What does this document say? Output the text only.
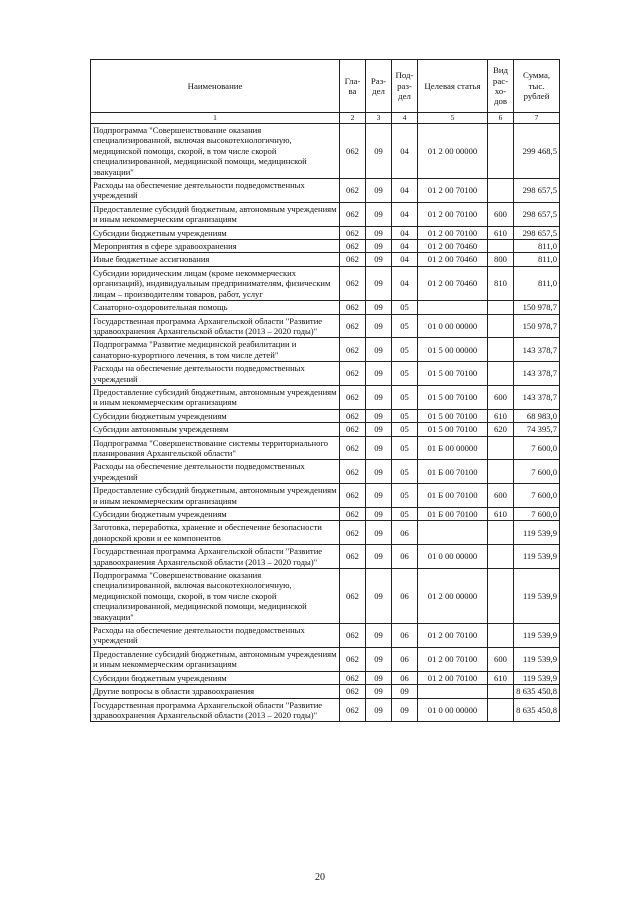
Наименование	Гла-ва	Раз-дел	Под-раз-дел	Целевая статья	Вид рас-хо-дов	Сумма, тыс. рублей
1	2	3	4	5	6	7
Подпрограмма "Совершенствование оказания специализированной, включая высокотехнологичную, медицинской помощи, скорой, в том числе скорой специализированной, медицинской помощи, медицинской эвакуации"	062	09	04	01 2 00 00000		299 468,5
Расходы на обеспечение деятельности подведомственных учреждений	062	09	04	01 2 00 70100		298 657,5
Предоставление субсидий бюджетным, автономным учреждениям и иным некоммерческим организациям	062	09	04	01 2 00 70100	600	298 657,5
Субсидии бюджетным учреждениям	062	09	04	01 2 00 70100	610	298 657,5
Мероприятия в сфере здравоохранения	062	09	04	01 2 00 70460		811,0
Иные бюджетные ассигнования	062	09	04	01 2 00 70460	800	811,0
Субсидии юридическим лицам (кроме некоммерческих организаций), индивидуальным предпринимателям, физическим лицам – производителям товаров, работ, услуг	062	09	04	01 2 00 70460	810	811,0
Санаторно-оздоровительная помощь	062	09	05			150 978,7
Государственная программа Архангельской области "Развитие здравоохранения Архангельской области (2013 – 2020 годы)"	062	09	05	01 0 00 00000		150 978,7
Подпрограмма "Развитие медицинской реабилитации и санаторно-курортного лечения, в том числе детей"	062	09	05	01 5 00 00000		143 378,7
Расходы на обеспечение деятельности подведомственных учреждений	062	09	05	01 5 00 70100		143 378,7
Предоставление субсидий бюджетным, автономным учреждениям и иным некоммерческим организациям	062	09	05	01 5 00 70100	600	143 378,7
Субсидии бюджетным учреждениям	062	09	05	01 5 00 70100	610	68 983,0
Субсидии автономным учреждениям	062	09	05	01 5 00 70100	620	74 395,7
Подпрограмма "Совершенствование системы территориального планирования Архангельской области"	062	09	05	01 Б 00 00000		7 600,0
Расходы на обеспечение деятельности подведомственных учреждений	062	09	05	01 Б 00 70100		7 600,0
Предоставление субсидий бюджетным, автономным учреждениям и иным некоммерческим организациям	062	09	05	01 Б 00 70100	600	7 600,0
Субсидии бюджетным учреждениям	062	09	05	01 Б 00 70100	610	7 600,0
Заготовка, переработка, хранение и обеспечение безопасности донорской крови и ее компонентов	062	09	06			119 539,9
Государственная программа Архангельской области "Развитие здравоохранения Архангельской области (2013 – 2020 годы)"	062	09	06	01 0 00 00000		119 539,9
Подпрограмма "Совершенствование оказания специализированной, включая высокотехнологичную, медицинской помощи, скорой, в том числе скорой специализированной, медицинской помощи, медицинской эвакуации"	062	09	06	01 2 00 00000		119 539,9
Расходы на обеспечение деятельности подведомственных учреждений	062	09	06	01 2 00 70100		119 539,9
Предоставление субсидий бюджетным, автономным учреждениям и иным некоммерческим организациям	062	09	06	01 2 00 70100	600	119 539,9
Субсидии бюджетным учреждениям	062	09	06	01 2 00 70100	610	119 539,9
Другие вопросы в области здравоохранения	062	09	09			8 635 450,8
Государственная программа Архангельской области "Развитие здравоохранения Архангельской области (2013 – 2020 годы)"	062	09	09	01 0 00 00000		8 635 450,8
20
